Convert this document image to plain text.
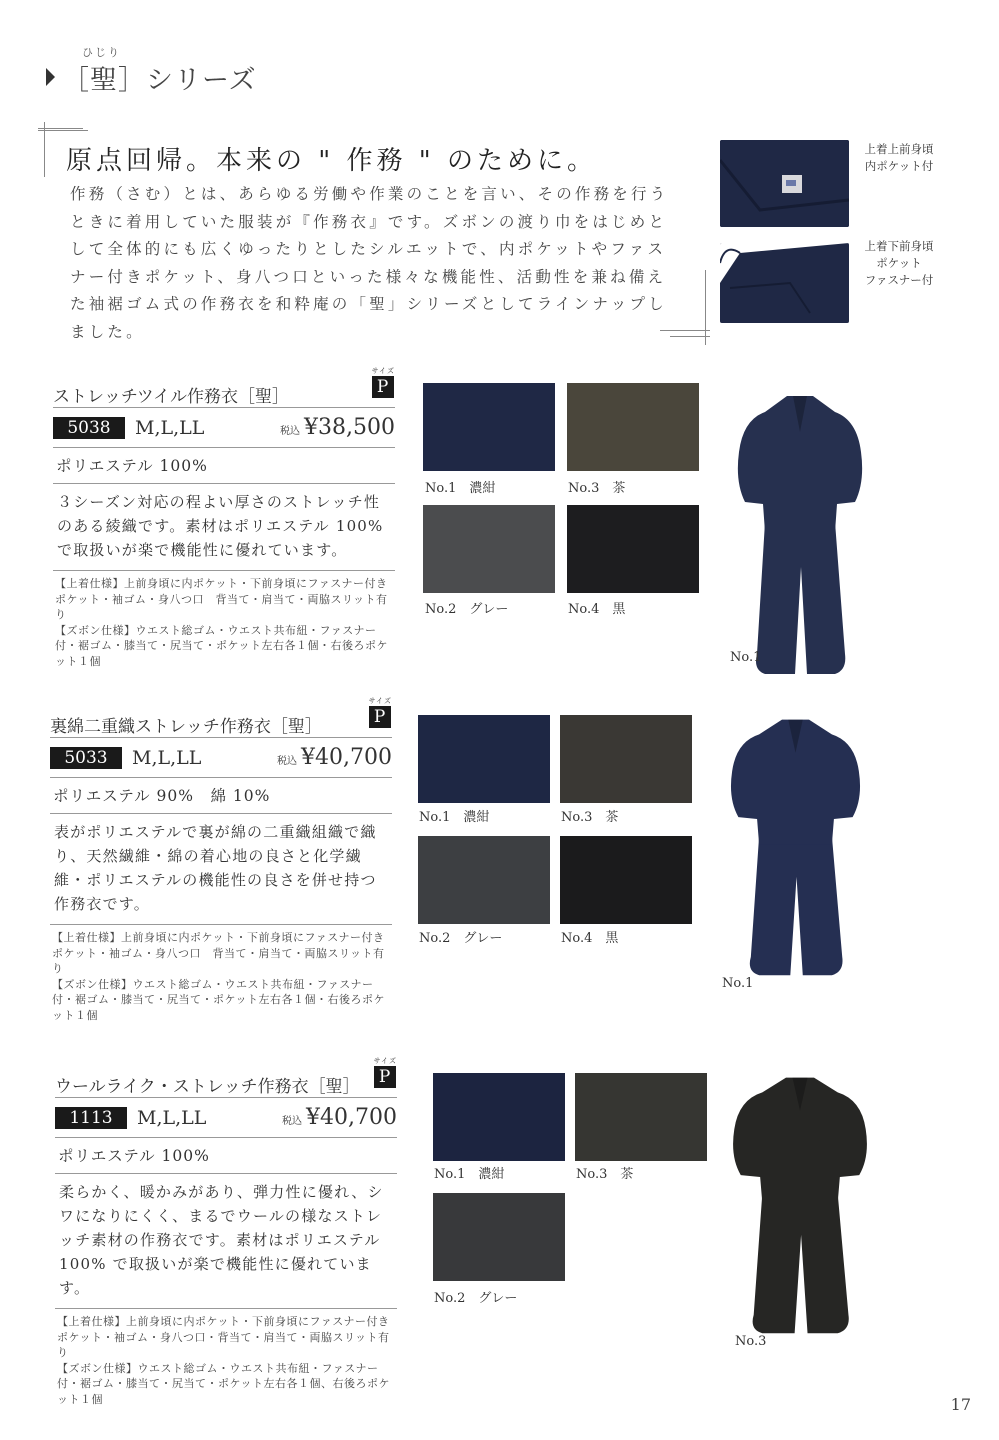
ひじり
［聖］シリーズ
原点回帰。本来の " 作務 " のために。
作務（さむ）とは、あらゆる労働や作業のことを言い、その作務を行うときに着用していた服装が『作務衣』です。ズボンの渡り巾をはじめとして全体的にも広くゆったりとしたシルエットで、内ポケットやファスナー付きポケット、身八つ口といった様々な機能性、活動性を兼ね備えた袖裾ゴム式の作務衣を和粋庵の「聖」シリーズとしてラインナップしました。
上着上前身頃
内ポケット付
上着下前身頃
ポケット
ファスナー付
ストレッチツイル作務衣［聖］
サイズ
P
5038	M,L,LL	税込 ¥38,500
ポリエステル 100%
３シーズン対応の程よい厚さのストレッチ性のある綾織です。素材はポリエステル 100% で取扱いが楽で機能性に優れています。
【上着仕様】上前身頃に内ポケット・下前身頃にファスナー付きポケット・袖ゴム・身八つ口　背当て・肩当て・両脇スリット有り
【ズボン仕様】ウエスト総ゴム・ウエスト共布紐・ファスナー付・裾ゴム・膝当て・尻当て・ポケット左右各１個・右後ろポケット１個
No.1　濃紺	No.3　茶
No.2　グレー	No.4　黒
No.1
裏綿二重織ストレッチ作務衣［聖］
サイズ
P
5033	M,L,LL	税込 ¥40,700
ポリエステル 90%　綿 10%
表がポリエステルで裏が綿の二重織組織で織り、天然繊維・綿の着心地の良さと化学繊維・ポリエステルの機能性の良さを併せ持つ作務衣です。
【上着仕様】上前身頃に内ポケット・下前身頃にファスナー付きポケット・袖ゴム・身八つ口　背当て・肩当て・両脇スリット有り
【ズボン仕様】ウエスト総ゴム・ウエスト共布紐・ファスナー付・裾ゴム・膝当て・尻当て・ポケット左右各１個・右後ろポケット１個
No.1　濃紺	No.3　茶
No.2　グレー	No.4　黒
No.1
ウールライク・ストレッチ作務衣［聖］
サイズ
P
1113	M,L,LL	税込 ¥40,700
ポリエステル 100%
柔らかく、暖かみがあり、弾力性に優れ、シワになりにくく、まるでウールの様なストレッチ素材の作務衣です。素材はポリエステル 100% で取扱いが楽で機能性に優れています。
【上着仕様】上前身頃に内ポケット・下前身頃にファスナー付きポケット・袖ゴム・身八つ口・背当て・肩当て・両脇スリット有り
【ズボン仕様】ウエスト総ゴム・ウエスト共布紐・ファスナー付・裾ゴム・膝当て・尻当て・ポケット左右各１個、右後ろポケット１個
No.1　濃紺	No.3　茶
No.2　グレー
No.3
17
